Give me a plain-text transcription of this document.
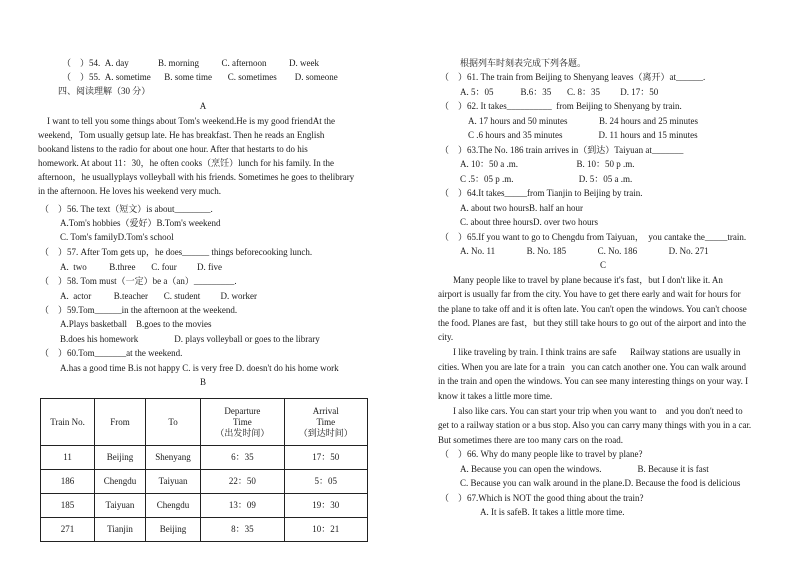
（    ）54.  A. day             B. morning          C. afternoon          D. week
（    ）55.  A. sometime      B. some time       C. sometimes        D. someone
四、阅读理解（30 分）
A
I want to tell you some things about Tom's weekend.He is my good friendAt the
weekend，Tom usually getsup late. He has breakfast. Then he reads an English
bookand listens to the radio for about one hour. After that hestarts to do his
homework. At about 11：30，he often cooks（烹饪）lunch for his family. In the
afternoon，he usuallyplays volleyball with his friends. Sometimes he goes to thelibrary
in the afternoon. He loves his weekend very much.
（    ）56. The text（短文）is about________.
A.Tom's hobbies（爱好）B.Tom's weekend
C. Tom's familyD.Tom's school
（    ）57. After Tom gets up，he does______ things beforecooking lunch.
A.  two          B.three       C. four         D. five
（    ）58. Tom must（一定）be a（an）_________.
A.  actor          B.teacher       C. student         D. worker
（    ）59.Tom______in the afternoon at the weekend.
A.Plays basketball    B.goes to the movies
B.does his homework                D. plays volleyball or goes to the library
（    ）60.Tom_______at the weekend.
A.has a good time B.is not happy C. is very free D. doesn't do his home work
B
Train No.	From	To	Departure
Time
（出发时间）	Arrival
Time
（到达时间）
11	Beijing	Shenyang	6：35	17：50
186	Chengdu	Taiyuan	22：50	5：05
185	Taiyuan	Chengdu	13：09	19：30
271	Tianjin	Beijing	8：35	10：21
根据列车时刻表完成下列各题。
（    ）61. The train from Beijing to Shenyang leaves（离开）at______.
A. 5：05            B.6：35       C. 8：35         D. 17：50
（    ）62. It takes__________  from Beijing to Shenyang by train.
A. 17 hours and 50 minutes              B. 24 hours and 25 minutes
C .6 hours and 35 minutes                D. 11 hours and 15 minutes
（    ）63.The No. 186 train arrives in（到达）Taiyuan at_______
A. 10：50 a .m.                          B. 10：50 p .m.
C .5：05 p .m.                             D. 5：05 a .m.
（    ）64.It takes_____from Tianjin to Beijing by train.
A. about two hoursB. half an hour
C. about three hoursD. over two hours
（    ）65.If you want to go to Chengdu from Taiyuan，  you cantake the_____train.
A. No. 11              B. No. 185              C. No. 186              D. No. 271
C
Many people like to travel by plane because it's fast，but I don't like it. An
airport is usually far from the city. You have to get there early and wait for hours for
the plane to take off and it is often late. You can't open the windows. You can't choose
the food. Planes are fast，but they still take hours to go out of the airport and into the
city.
I like traveling by train. I think trains are safe      Railway stations are usually in
cities. When you are late for a train   you can catch another one. You can walk around
in the train and open the windows. You can see many interesting things on your way. I
know it takes a little more time.
I also like cars. You can start your trip when you want to    and you don't need to
get to a railway station or a bus stop. Also you can carry many things with you in a car.
But sometimes there are too many cars on the road.
（    ）66. Why do many people like to travel by plane?
A. Because you can open the windows.                B. Because it is fast
C. Because you can walk around in the plane.D. Because the food is delicious
（    ）67.Which is NOT the good thing about the train?
A. It is safeB. It takes a little more time.
